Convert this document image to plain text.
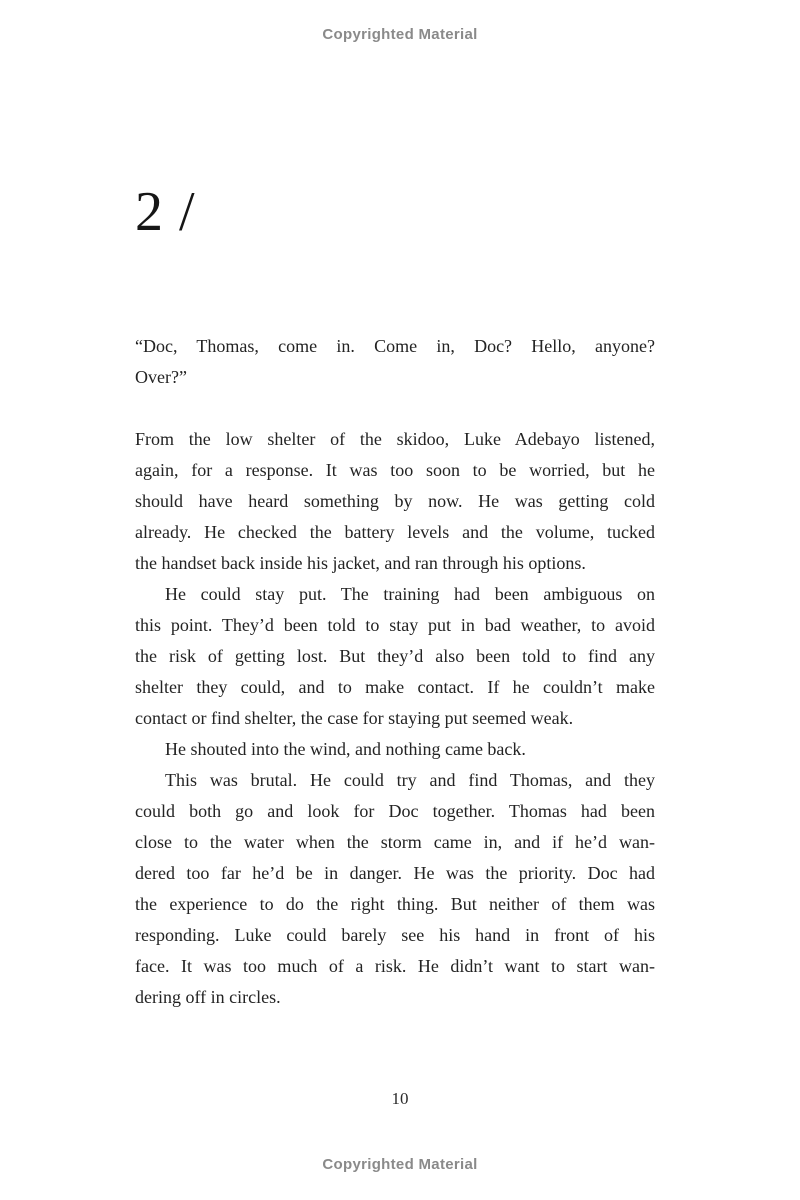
Copyrighted Material
2 /
“Doc, Thomas, come in. Come in, Doc? Hello, anyone?
Over?”
From the low shelter of the skidoo, Luke Adebayo listened,
again, for a response. It was too soon to be worried, but he
should have heard something by now. He was getting cold
already. He checked the battery levels and the volume, tucked
the handset back inside his jacket, and ran through his options.
He could stay put. The training had been ambiguous on
this point. They’d been told to stay put in bad weather, to avoid
the risk of getting lost. But they’d also been told to find any
shelter they could, and to make contact. If he couldn’t make
contact or find shelter, the case for staying put seemed weak.
He shouted into the wind, and nothing came back.
This was brutal. He could try and find Thomas, and they
could both go and look for Doc together. Thomas had been
close to the water when the storm came in, and if he’d wan-
dered too far he’d be in danger. He was the priority. Doc had
the experience to do the right thing. But neither of them was
responding. Luke could barely see his hand in front of his
face. It was too much of a risk. He didn’t want to start wan-
dering off in circles.
10
Copyrighted Material
